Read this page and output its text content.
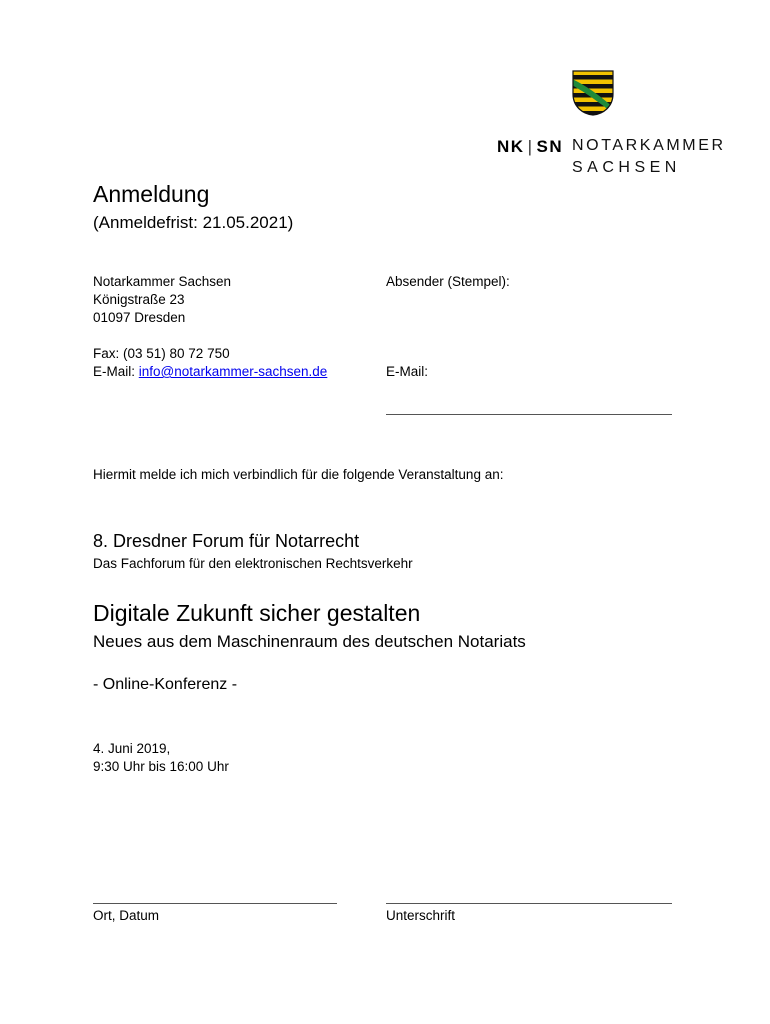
NK | SN NOTARKAMMER
SACHSEN
Anmeldung
(Anmeldefrist: 21.05.2021)
Notarkammer Sachsen
Königstraße 23
01097 Dresden
Fax: (03 51) 80 72 750
E-Mail: info@notarkammer-sachsen.de
Absender (Stempel):
E-Mail:
Hiermit melde ich mich verbindlich für die folgende Veranstaltung an:
8. Dresdner Forum für Notarrecht
Das Fachforum für den elektronischen Rechtsverkehr
Digitale Zukunft sicher gestalten
Neues aus dem Maschinenraum des deutschen Notariats
- Online-Konferenz -
4. Juni 2019,
9:30 Uhr bis 16:00 Uhr
Ort, Datum	Unterschrift
